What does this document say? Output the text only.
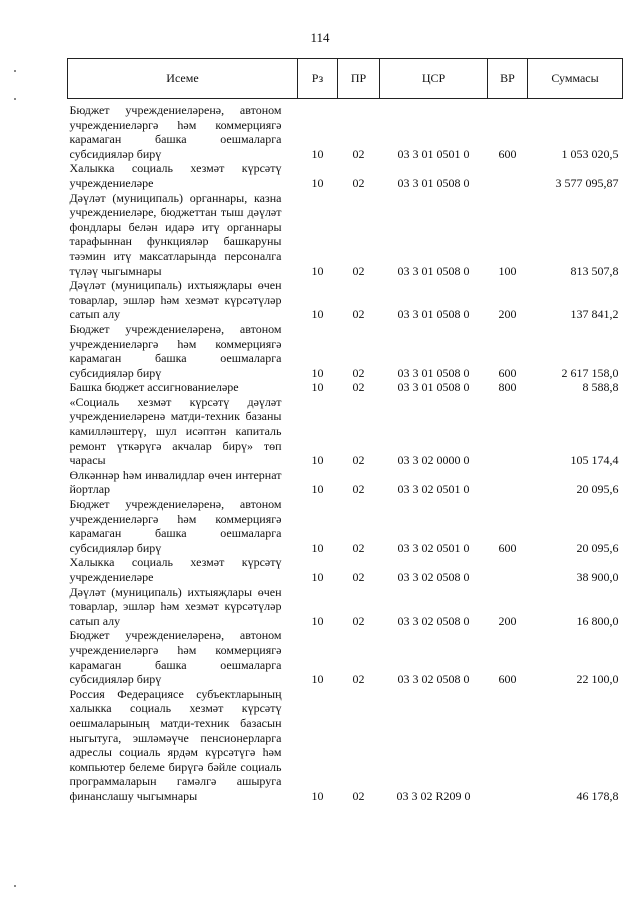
114
Исеме	Рз	ПР	ЦСР	ВР	Суммасы

Бюджет учреждениеләренә, автоном учреждениеләргә һәм коммерциягә карамаган башка оешмаларга субсидияләр бирү	10	02	03 3 01 0501 0	600	1 053 020,5
Халыкка социаль хезмәт күрсәтү учреждениеләре	10	02	03 3 01 0508 0		3 577 095,87
Дәүләт (муниципаль) органнары, казна учреждениеләре, бюджеттан тыш дәүләт фондлары белән идарә итү органнары тарафыннан функцияләр башкаруны тәэмин итү максатларында персоналга түләү чыгымнары	10	02	03 3 01 0508 0	100	813 507,8
Дәүләт (муниципаль) ихтыяҗлары өчен товарлар, эшләр һәм хезмәт күрсәтүләр сатып алу	10	02	03 3 01 0508 0	200	137 841,2
Бюджет учреждениеләренә, автоном учреждениеләргә һәм коммерциягә карамаган башка оешмаларга субсидияләр бирү	10	02	03 3 01 0508 0	600	2 617 158,0
Башка бюджет ассигнованиеләре	10	02	03 3 01 0508 0	800	8 588,8
«Социаль хезмәт күрсәтү дәүләт учреждениеләренә матди-техник базаны камилләштерү, шул исәптән капиталь ремонт үткәрүгә акчалар бирү» төп чарасы	10	02	03 3 02 0000 0		105 174,4
Өлкәннәр һәм инвалидлар өчен интернат йортлар	10	02	03 3 02 0501 0		20 095,6
Бюджет учреждениеләренә, автоном учреждениеләргә һәм коммерциягә карамаган башка оешмаларга субсидияләр бирү	10	02	03 3 02 0501 0	600	20 095,6
Халыкка социаль хезмәт күрсәтү учреждениеләре	10	02	03 3 02 0508 0		38 900,0
Дәүләт (муниципаль) ихтыяҗлары өчен товарлар, эшләр һәм хезмәт күрсәтүләр сатып алу	10	02	03 3 02 0508 0	200	16 800,0
Бюджет учреждениеләренә, автоном учреждениеләргә һәм коммерциягә карамаган башка оешмаларга субсидияләр бирү	10	02	03 3 02 0508 0	600	22 100,0
Россия Федерациясе субъектларының халыкка социаль хезмәт күрсәтү оешмаларының матди-техник базасын ныгытуга, эшләмәүче пенсионерларга адреслы социаль ярдәм күрсәтүгә һәм компьютер белеме бирүгә бәйле социаль программаларын гамәлгә ашыруга финанслашу чыгымнары	10	02	03 3 02 R209 0		46 178,8
